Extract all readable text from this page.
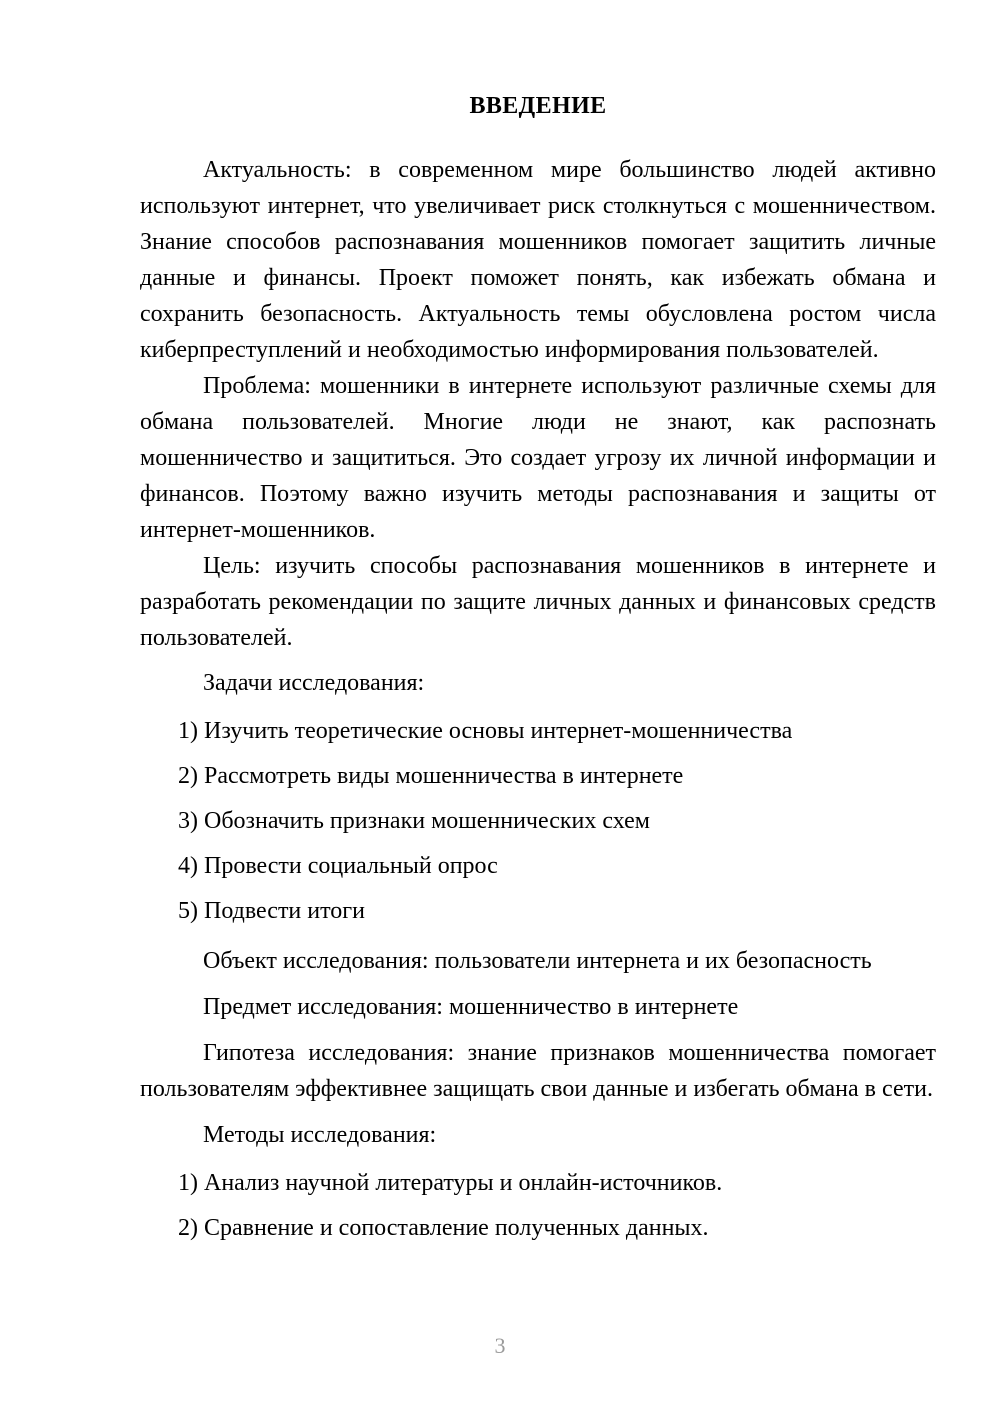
ВВЕДЕНИЕ

Актуальность: в современном мире большинство людей активно используют интернет, что увеличивает риск столкнуться с мошенничеством. Знание способов распознавания мошенников помогает защитить личные данные и финансы. Проект поможет понять, как избежать обмана и сохранить безопасность. Актуальность темы обусловлена ростом числа киберпреступлений и необходимостью информирования пользователей.

Проблема: мошенники в интернете используют различные схемы для обмана пользователей. Многие люди не знают, как распознать мошенничество и защититься. Это создает угрозу их личной информации и финансов. Поэтому важно изучить методы распознавания и защиты от интернет-мошенников.

Цель: изучить способы распознавания мошенников в интернете и разработать рекомендации по защите личных данных и финансовых средств пользователей.

Задачи исследования:

1) Изучить теоретические основы интернет-мошенничества
2) Рассмотреть виды мошенничества в интернете
3) Обозначить признаки мошеннических схем
4) Провести социальный опрос
5) Подвести итоги

Объект исследования: пользователи интернета и их безопасность

Предмет исследования: мошенничество в интернете

Гипотеза исследования: знание признаков мошенничества помогает пользователям эффективнее защищать свои данные и избегать обмана в сети.

Методы исследования:

1) Анализ научной литературы и онлайн-источников.
2) Сравнение и сопоставление полученных данных.
3
